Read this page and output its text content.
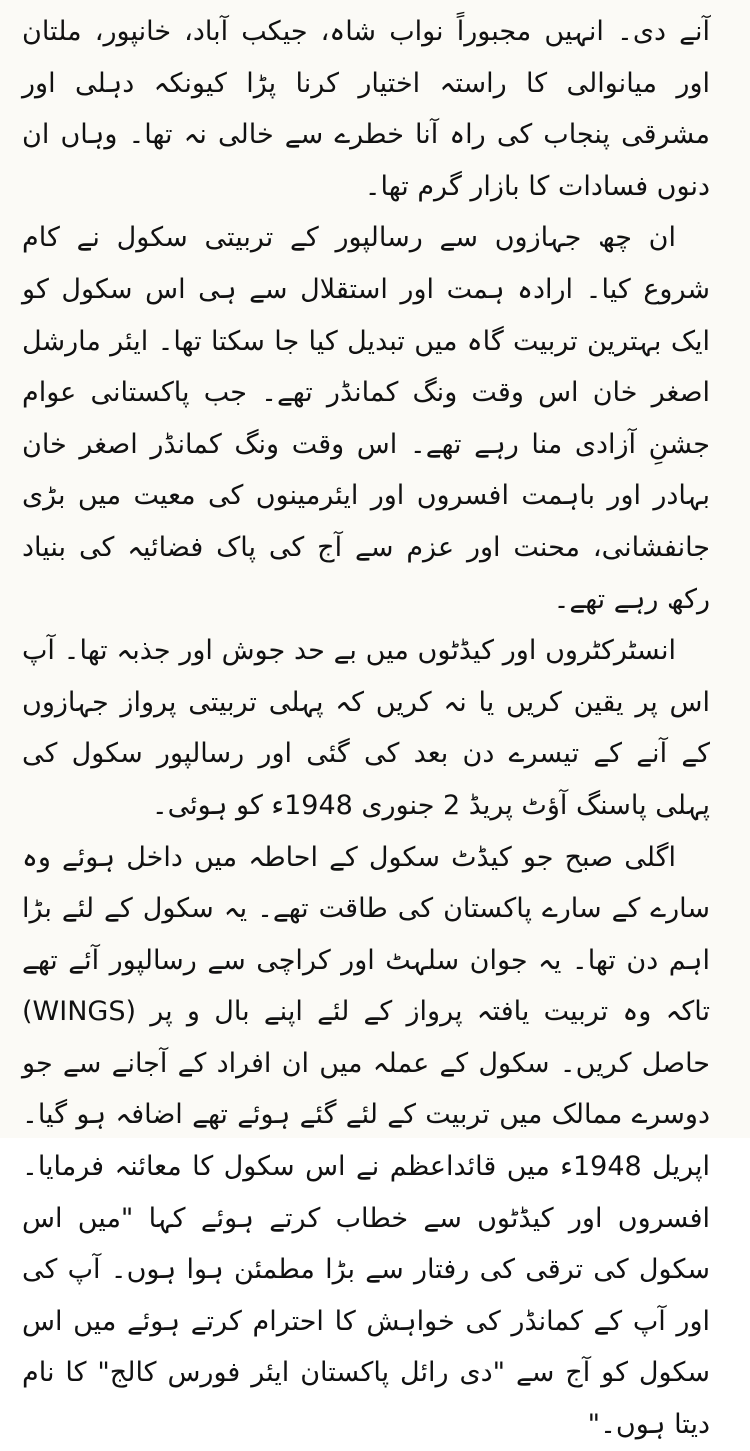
آنے دی۔ انہیں مجبوراً نواب شاہ، جیکب آباد، خانپور، ملتان اور میانوالی کا راستہ اختیار کرنا پڑا کیونکہ دہلی اور مشرقی پنجاب کی راہ آنا خطرے سے خالی نہ تھا۔ وہاں ان دنوں فسادات کا بازار گرم تھا۔

ان چھ جہازوں سے رسالپور کے تربیتی سکول نے کام شروع کیا۔ ارادہ ہمت اور استقلال سے ہی اس سکول کو ایک بہترین تربیت گاہ میں تبدیل کیا جا سکتا تھا۔ ایئر مارشل اصغر خان اس وقت ونگ کمانڈر تھے۔ جب پاکستانی عوام جشنِ آزادی منا رہے تھے۔ اس وقت ونگ کمانڈر اصغر خان بہادر اور باہمت افسروں اور ایئرمینوں کی معیت میں بڑی جانفشانی، محنت اور عزم سے آج کی پاک فضائیہ کی بنیاد رکھ رہے تھے۔

انسٹرکٹروں اور کیڈٹوں میں بے حد جوش اور جذبہ تھا۔ آپ اس پر یقین کریں یا نہ کریں کہ پہلی تربیتی پرواز جہازوں کے آنے کے تیسرے دن بعد کی گئی اور رسالپور سکول کی پہلی پاسنگ آؤٹ پریڈ 2 جنوری 1948ء کو ہوئی۔

اگلی صبح جو کیڈٹ سکول کے احاطہ میں داخل ہوئے وہ سارے کے سارے پاکستان کی طاقت تھے۔ یہ سکول کے لئے بڑا اہم دن تھا۔ یہ جوان سلہٹ اور کراچی سے رسالپور آئے تھے تاکہ وہ تربیت یافتہ پرواز کے لئے اپنے بال و پر (WINGS) حاصل کریں۔ سکول کے عملہ میں ان افراد کے آجانے سے جو دوسرے ممالک میں تربیت کے لئے گئے ہوئے تھے اضافہ ہو گیا۔ اپریل 1948ء میں قائداعظم نے اس سکول کا معائنہ فرمایا۔ افسروں اور کیڈٹوں سے خطاب کرتے ہوئے کہا "میں اس سکول کی ترقی کی رفتار سے بڑا مطمئن ہوا ہوں۔ آپ کی اور آپ کے کمانڈر کی خواہش کا احترام کرتے ہوئے میں اس سکول کو آج سے "دی رائل پاکستان ایئر فورس کالج" کا نام دیتا ہوں۔"
